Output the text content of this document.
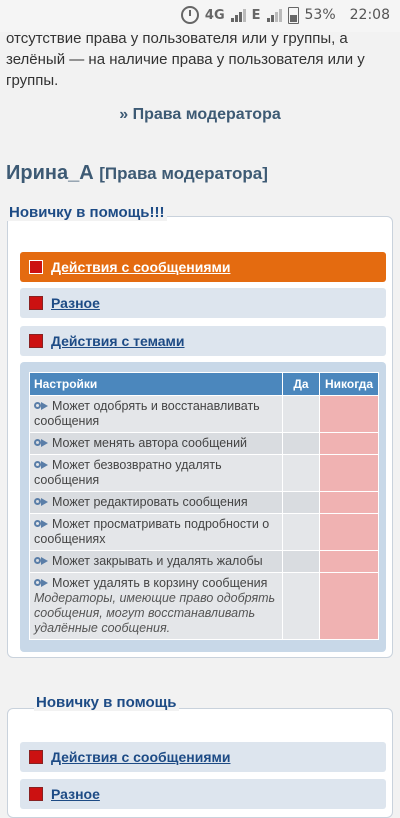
4G E	53% 22:08
отсутствие права у пользователя или у группы, а зелёный — на наличие права у пользователя или у группы.
» Права модератора
Ирина_А [Права модератора]
Новичку в помощь!!!
Действия с сообщениями
Разное
Действия с темами
Настройки	Да	Никогда
Может одобрять и восстанавливать сообщения		
Может менять автора сообщений		
Может безвозвратно удалять сообщения		
Может редактировать сообщения		
Может просматривать подробности о сообщениях		
Может закрывать и удалять жалобы		
Может удалять в корзину сообщения
Модераторы, имеющие право одобрять сообщения, могут восстанавливать удалённые сообщения.		
Новичку в помощь
Действия с сообщениями
Разное
